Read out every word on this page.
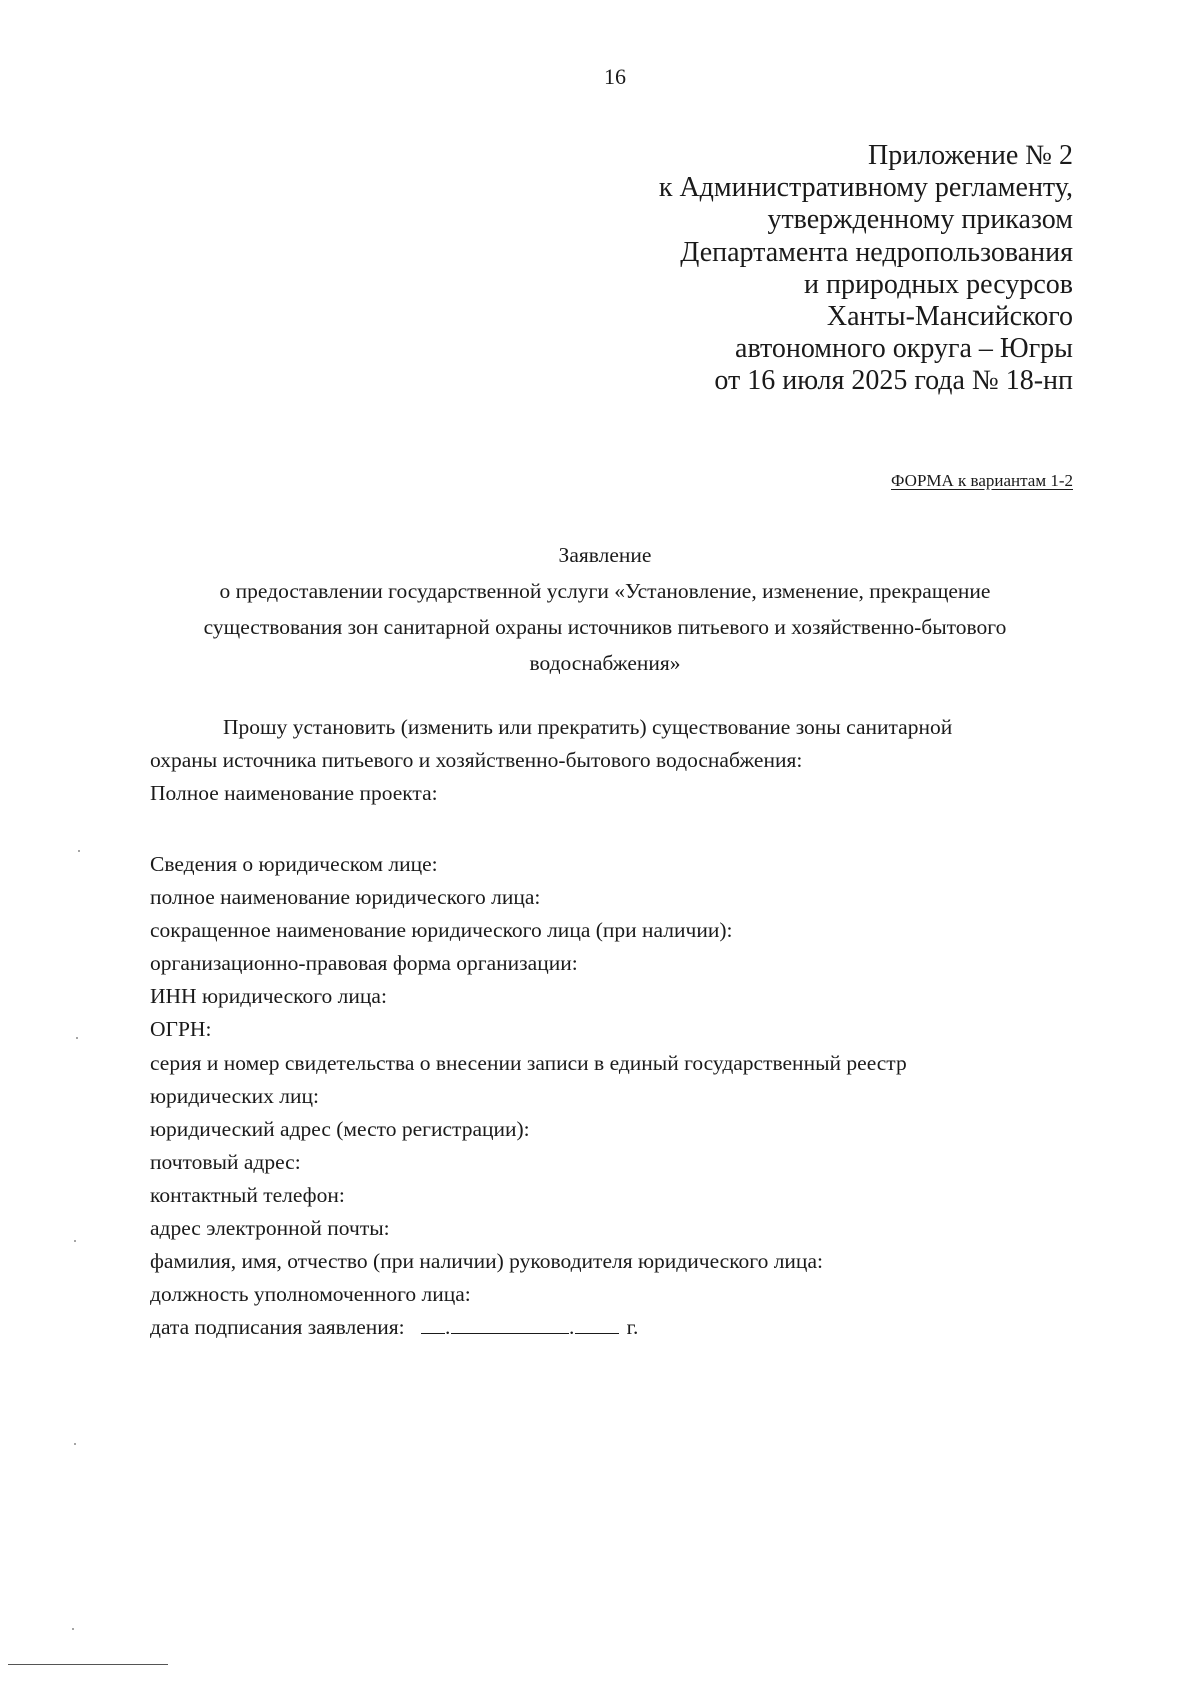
16
Приложение № 2
к Административному регламенту,
утвержденному приказом
Департамента недропользования
и природных ресурсов
Ханты-Мансийского
автономного округа – Югры
от 16 июля 2025 года № 18-нп
ФОРМА к вариантам 1-2
Заявление
о предоставлении государственной услуги «Установление, изменение, прекращение
существования зон санитарной охраны источников питьевого и хозяйственно-бытового
водоснабжения»
Прошу установить (изменить или прекратить) существование зоны санитарной
охраны источника питьевого и хозяйственно-бытового водоснабжения:
Полное наименование проекта:
Сведения о юридическом лице:
полное наименование юридического лица:
сокращенное наименование юридического лица (при наличии):
организационно-правовая форма организации:
ИНН юридического лица:
ОГРН:
серия и номер свидетельства о внесении записи в единый государственный реестр
юридических лиц:
юридический адрес (место регистрации):
почтовый адрес:
контактный телефон:
адрес электронной почты:
фамилия, имя, отчество (при наличии) руководителя юридического лица:
должность уполномоченного лица:
дата подписания заявления: .	. г.
